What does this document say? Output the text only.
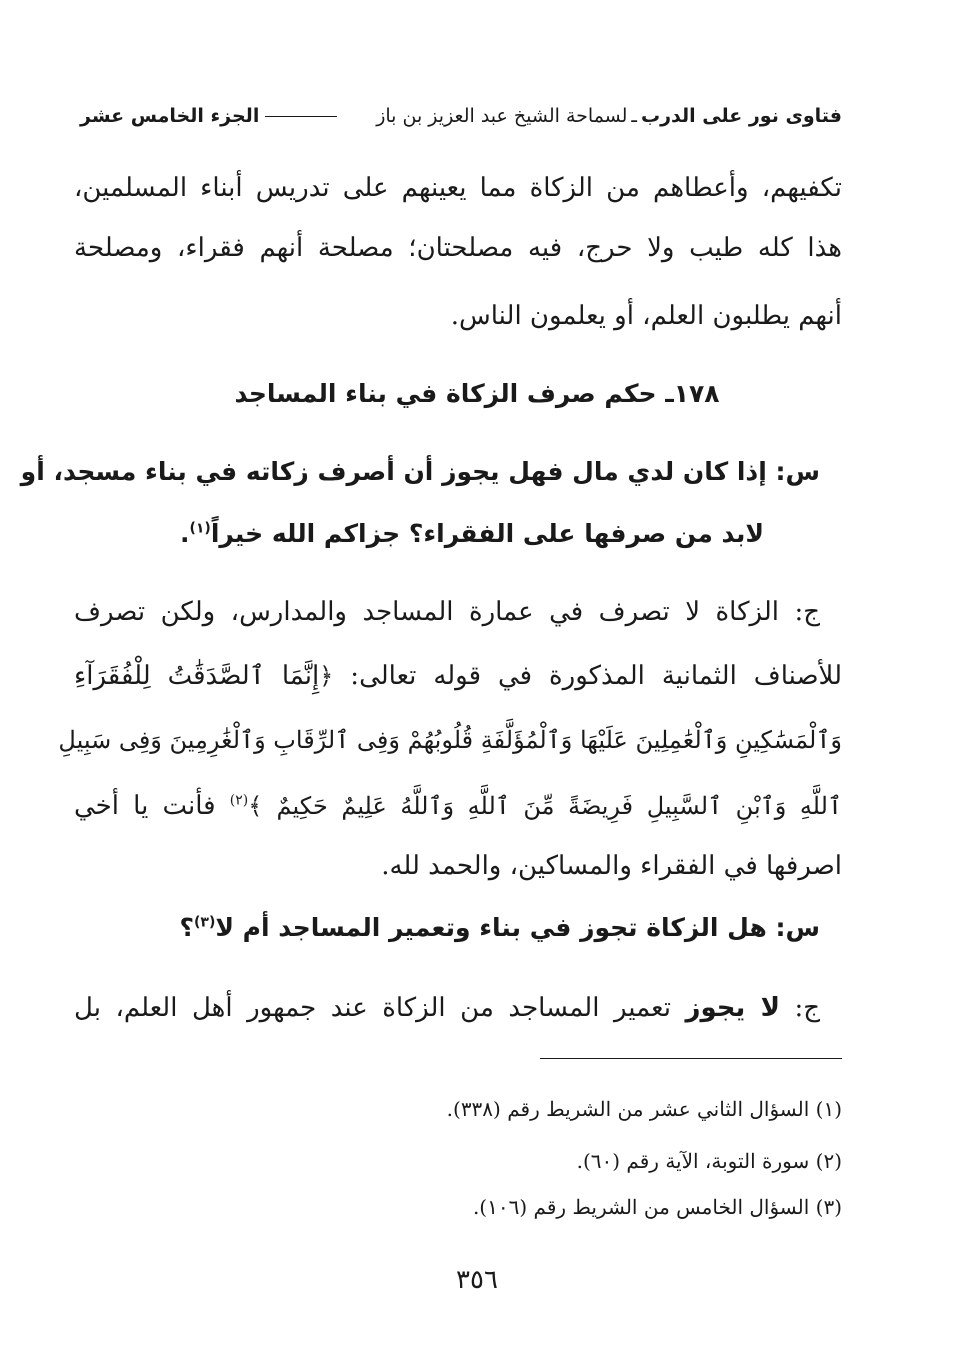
فتاوى نور على الدرب
ـ
لسماحة الشيخ عبد العزيز بن باز
الجزء الخامس عشر
تكفيهم، وأعطاهم من الزكاة مما يعينهم على تدريس أبناء المسلمين،
هذا كله طيب ولا حرج، فيه مصلحتان؛ مصلحة أنهم فقراء، ومصلحة
أنهم يطلبون العلم، أو يعلمون الناس.
١٧٨ـ حكم صرف الزكاة في بناء المساجد
س: إذا كان لدي مال فهل يجوز أن أصرف زكاته في بناء مسجد، أو
لابد من صرفها على الفقراء؟ جزاكم الله خيراً$^{(١)}$.
ج: الزكاة لا تصرف في عمارة المساجد والمدارس، ولكن تصرف
للأصناف الثمانية المذكورة في قوله تعالى: ﴿إِنَّمَا ٱلصَّدَقَٰتُ لِلْفُقَرَآءِ
وَٱلْمَسَٰكِينِ وَٱلْعَٰمِلِينَ عَلَيْهَا وَٱلْمُؤَلَّفَةِ قُلُوبُهُمْ وَفِى ٱلرِّقَابِ وَٱلْغَٰرِمِينَ وَفِى سَبِيلِ
ٱللَّهِ وَٱبْنِ ٱلسَّبِيلِ فَرِيضَةً مِّنَ ٱللَّهِ وَٱللَّهُ عَلِيمٌ حَكِيمٌ ﴾$^{(٢)}$ فأنت يا أخي
اصرفها في الفقراء والمساكين، والحمد لله.
س: هل الزكاة تجوز في بناء وتعمير المساجد أم لا$^{(٣)}$؟
ج: لا يجوز تعمير المساجد من الزكاة عند جمهور أهل العلم، بل
(١) السؤال الثاني عشر من الشريط رقم (٣٣٨).
(٢) سورة التوبة، الآية رقم (٦٠).
(٣) السؤال الخامس من الشريط رقم (١٠٦).
٣٥٦
